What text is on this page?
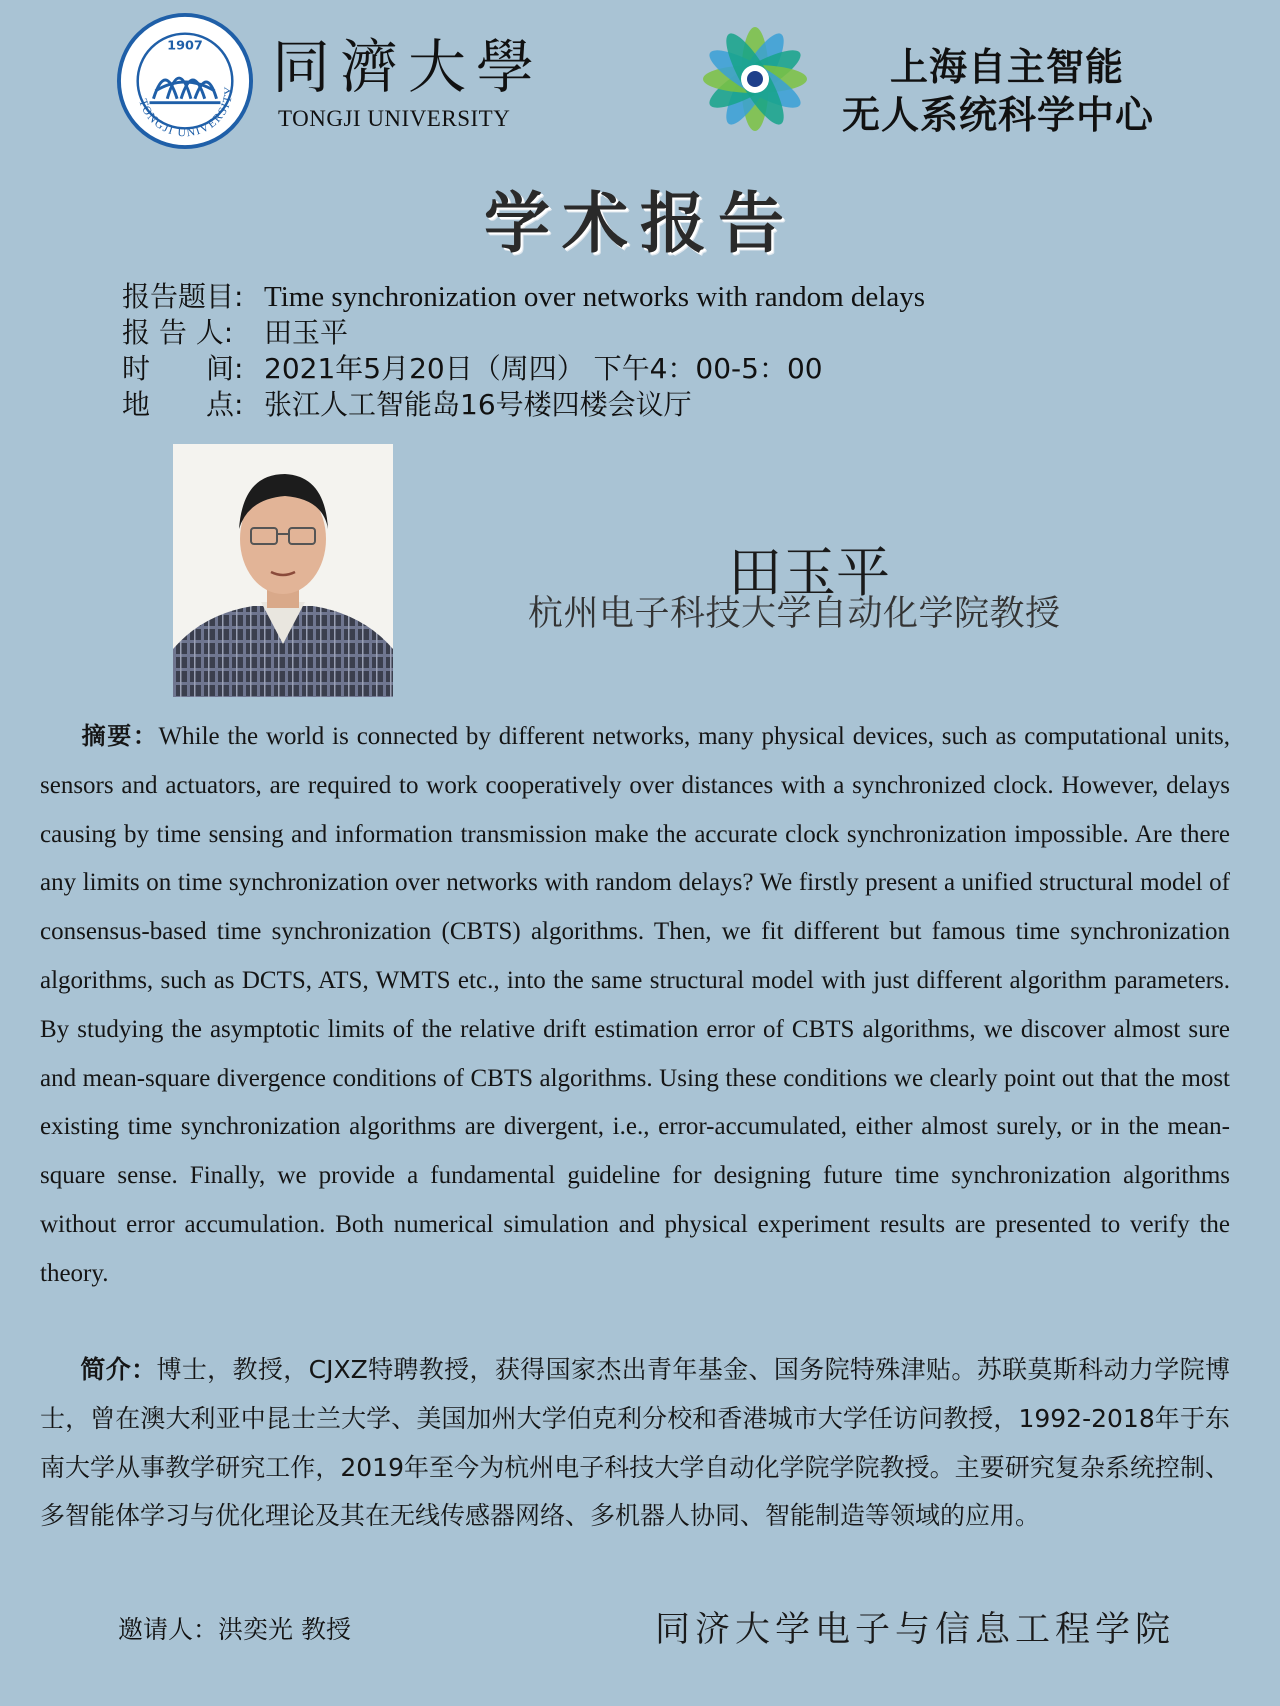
1907
TONGJI UNIVERSITY 同濟大學
TONGJI UNIVERSITY
上海自主智能
无人系统科学中心
学术报告
报告题目: Time synchronization over networks with random delays
报 告 人: 田玉平
时　　间: 2021年5月20日（周四） 下午4：00-5：00
地　　点: 张江人工智能岛16号楼四楼会议厅
田玉平
杭州电子科技大学自动化学院教授
摘要：While the world is connected by different networks, many physical devices, such as computational units, sensors and actuators, are required to work cooperatively over distances with a synchronized clock. However, delays causing by time sensing and information transmission make the accurate clock synchronization impossible. Are there any limits on time synchronization over networks with random delays? We firstly present a unified structural model of consensus-based time synchronization (CBTS) algorithms. Then, we fit different but famous time synchronization algorithms, such as DCTS, ATS, WMTS etc., into the same structural model with just different algorithm parameters. By studying the asymptotic limits of the relative drift estimation error of CBTS algorithms, we discover almost sure and mean-square divergence conditions of CBTS algorithms. Using these conditions we clearly point out that the most existing time synchronization algorithms are divergent, i.e., error-accumulated, either almost surely, or in the mean-square sense. Finally, we provide a fundamental guideline for designing future time synchronization algorithms without error accumulation. Both numerical simulation and physical experiment results are presented to verify the theory.
简介：博士，教授，CJXZ特聘教授，获得国家杰出青年基金、国务院特殊津贴。苏联莫斯科动力学院博士，曾在澳大利亚中昆士兰大学、美国加州大学伯克利分校和香港城市大学任访问教授，1992-2018年于东南大学从事教学研究工作，2019年至今为杭州电子科技大学自动化学院学院教授。主要研究复杂系统控制、多智能体学习与优化理论及其在无线传感器网络、多机器人协同、智能制造等领域的应用。
邀请人：洪奕光 教授	同济大学电子与信息工程学院
